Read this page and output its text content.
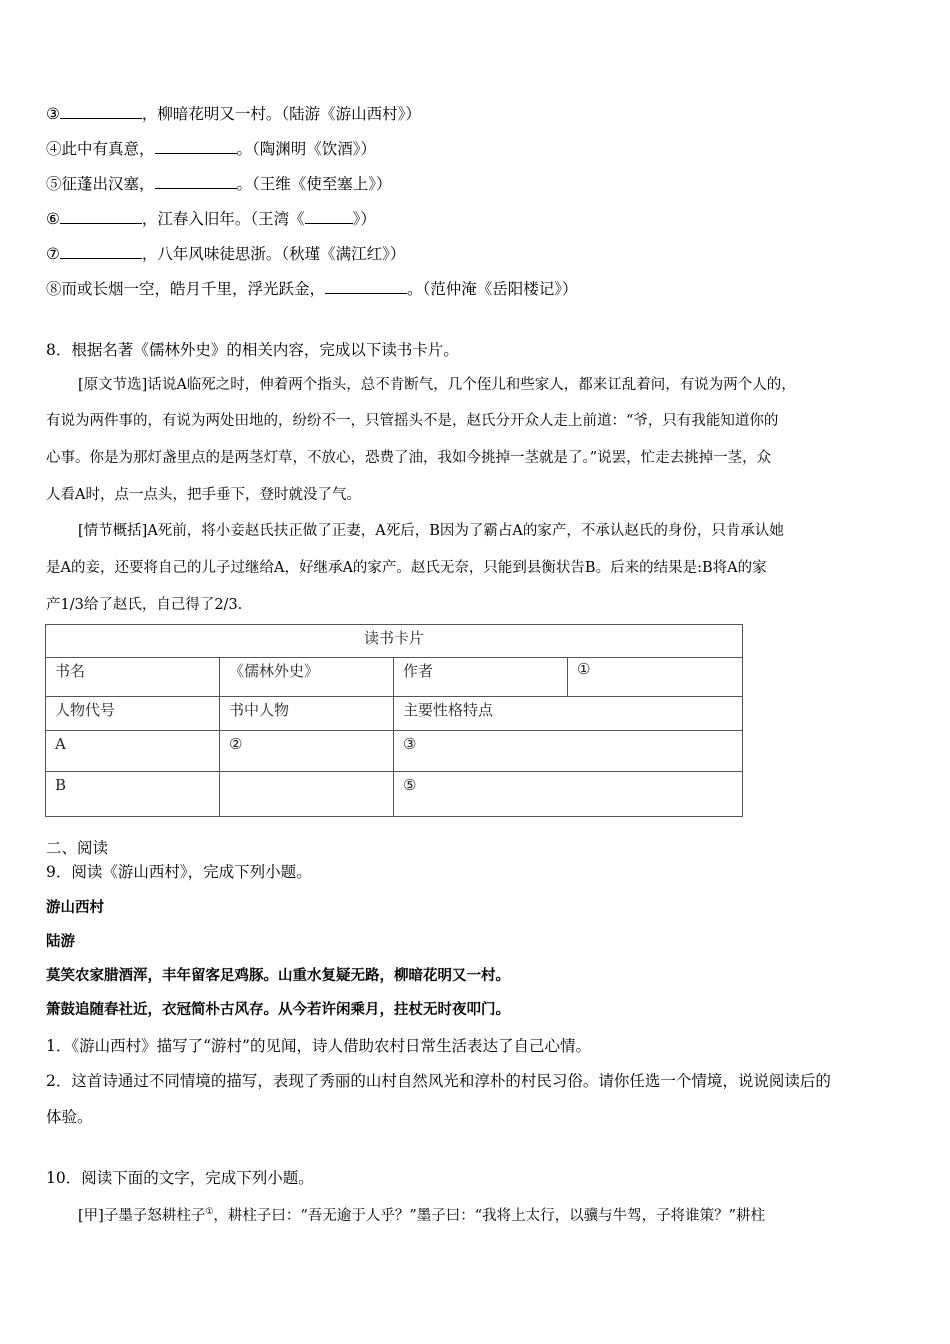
③	，柳暗花明又一村。（陆游《游山西村》）
④此中有真意，	。（陶渊明《饮酒》）
⑤征蓬出汉塞，	。（王维《使至塞上》）
⑥	，江春入旧年。（王湾《	》）
⑦	，八年风味徒思浙。（秋瑾《满江红》）
⑧而或长烟一空，皓月千里，浮光跃金，	。（范仲淹《岳阳楼记》）
8．根据名著《儒林外史》的相关内容，完成以下读书卡片。
[原文节选]话说A临死之时，伸着两个指头，总不肯断气，几个侄儿和些家人，都来讧乱着问，有说为两个人的，
有说为两件事的，有说为两处田地的，纷纷不一，只管摇头不是，赵氏分开众人走上前道：“爷，只有我能知道你的
心事。你是为那灯盏里点的是两茎灯草，不放心，恐费了油，我如今挑掉一茎就是了。”说罢，忙走去挑掉一茎，众
人看A时，点一点头，把手垂下，登时就没了气。
[情节概括]A死前，将小妾赵氏扶正做了正妻，A死后，B因为了霸占A的家产，不承认赵氏的身份，只肯承认她
是A的妾，还要将自己的儿子过继给A，好继承A的家产。赵氏无奈，只能到县衡状告B。后来的结果是:B将A的家
产1/3给了赵氏，自己得了2/3.
读书卡片			
书名	《儒林外史》	作者	①
人物代号	书中人物	主要性格特点	
A	②	③	
B		⑤	
二、阅读
9．阅读《游山西村》，完成下列小题。
游山西村
陆游
莫笑农家腊酒浑，丰年留客足鸡豚。山重水复疑无路，柳暗花明又一村。
箫鼓追随春社近，衣冠简朴古风存。从今若许闲乘月，拄杖无时夜叩门。
1．《游山西村》描写了“游村”的见闻，诗人借助农村日常生活表达了自己心情。
2．这首诗通过不同情境的描写，表现了秀丽的山村自然风光和淳朴的村民习俗。请你任选一个情境，说说阅读后的
体验。
10．阅读下面的文字，完成下列小题。
[甲]子墨子怒耕柱子①，耕柱子曰：“吾无逾于人乎？”墨子曰：“我将上太行，以骥与牛驾，子将谁策？”耕柱
